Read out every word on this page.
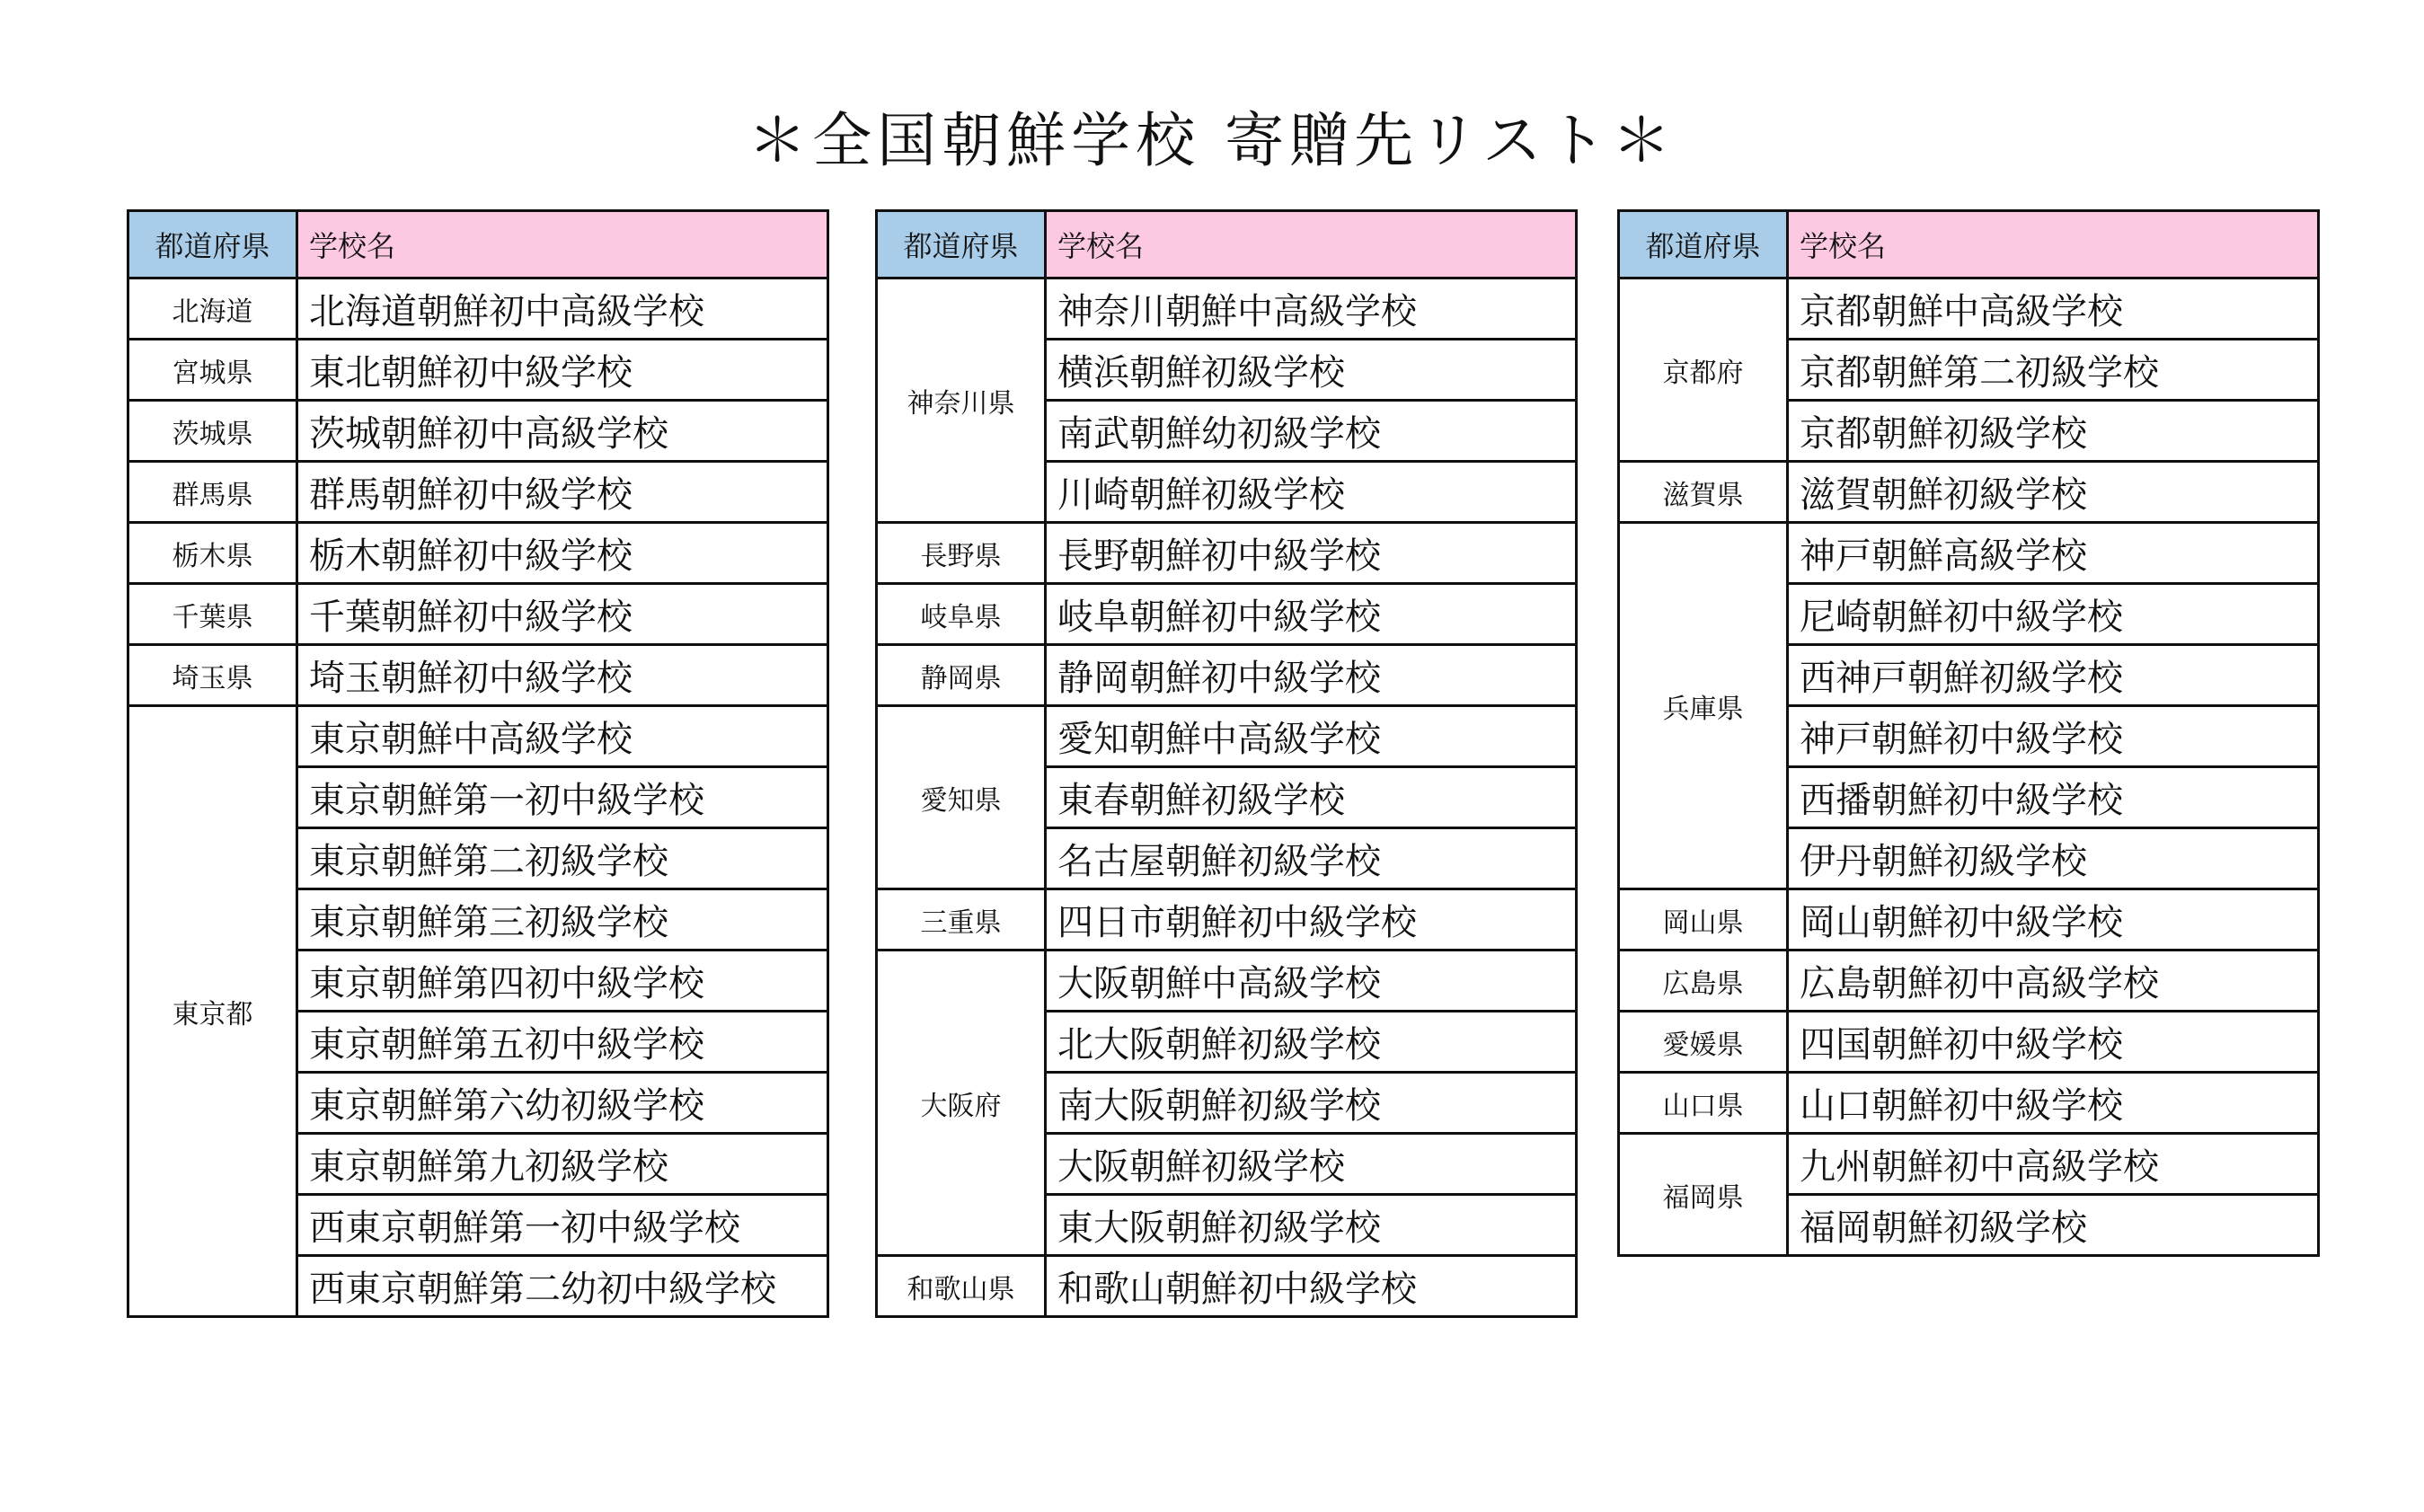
＊全国朝鮮学校 寄贈先リスト＊
都道府県	学校名
北海道	北海道朝鮮初中高級学校
宮城県	東北朝鮮初中級学校
茨城県	茨城朝鮮初中高級学校
群馬県	群馬朝鮮初中級学校
栃木県	栃木朝鮮初中級学校
千葉県	千葉朝鮮初中級学校
埼玉県	埼玉朝鮮初中級学校
東京都	東京朝鮮中高級学校
	東京朝鮮第一初中級学校
	東京朝鮮第二初級学校
	東京朝鮮第三初級学校
	東京朝鮮第四初中級学校
	東京朝鮮第五初中級学校
	東京朝鮮第六幼初級学校
	東京朝鮮第九初級学校
	西東京朝鮮第一初中級学校
	西東京朝鮮第二幼初中級学校
都道府県	学校名
神奈川県	神奈川朝鮮中高級学校
	横浜朝鮮初級学校
	南武朝鮮幼初級学校
	川崎朝鮮初級学校
長野県	長野朝鮮初中級学校
岐阜県	岐阜朝鮮初中級学校
静岡県	静岡朝鮮初中級学校
愛知県	愛知朝鮮中高級学校
	東春朝鮮初級学校
	名古屋朝鮮初級学校
三重県	四日市朝鮮初中級学校
大阪府	大阪朝鮮中高級学校
	北大阪朝鮮初級学校
	南大阪朝鮮初級学校
	大阪朝鮮初級学校
	東大阪朝鮮初級学校
和歌山県	和歌山朝鮮初中級学校
都道府県	学校名
京都府	京都朝鮮中高級学校
	京都朝鮮第二初級学校
	京都朝鮮初級学校
滋賀県	滋賀朝鮮初級学校
兵庫県	神戸朝鮮高級学校
	尼崎朝鮮初中級学校
	西神戸朝鮮初級学校
	神戸朝鮮初中級学校
	西播朝鮮初中級学校
	伊丹朝鮮初級学校
岡山県	岡山朝鮮初中級学校
広島県	広島朝鮮初中高級学校
愛媛県	四国朝鮮初中級学校
山口県	山口朝鮮初中級学校
福岡県	九州朝鮮初中高級学校
	福岡朝鮮初級学校
